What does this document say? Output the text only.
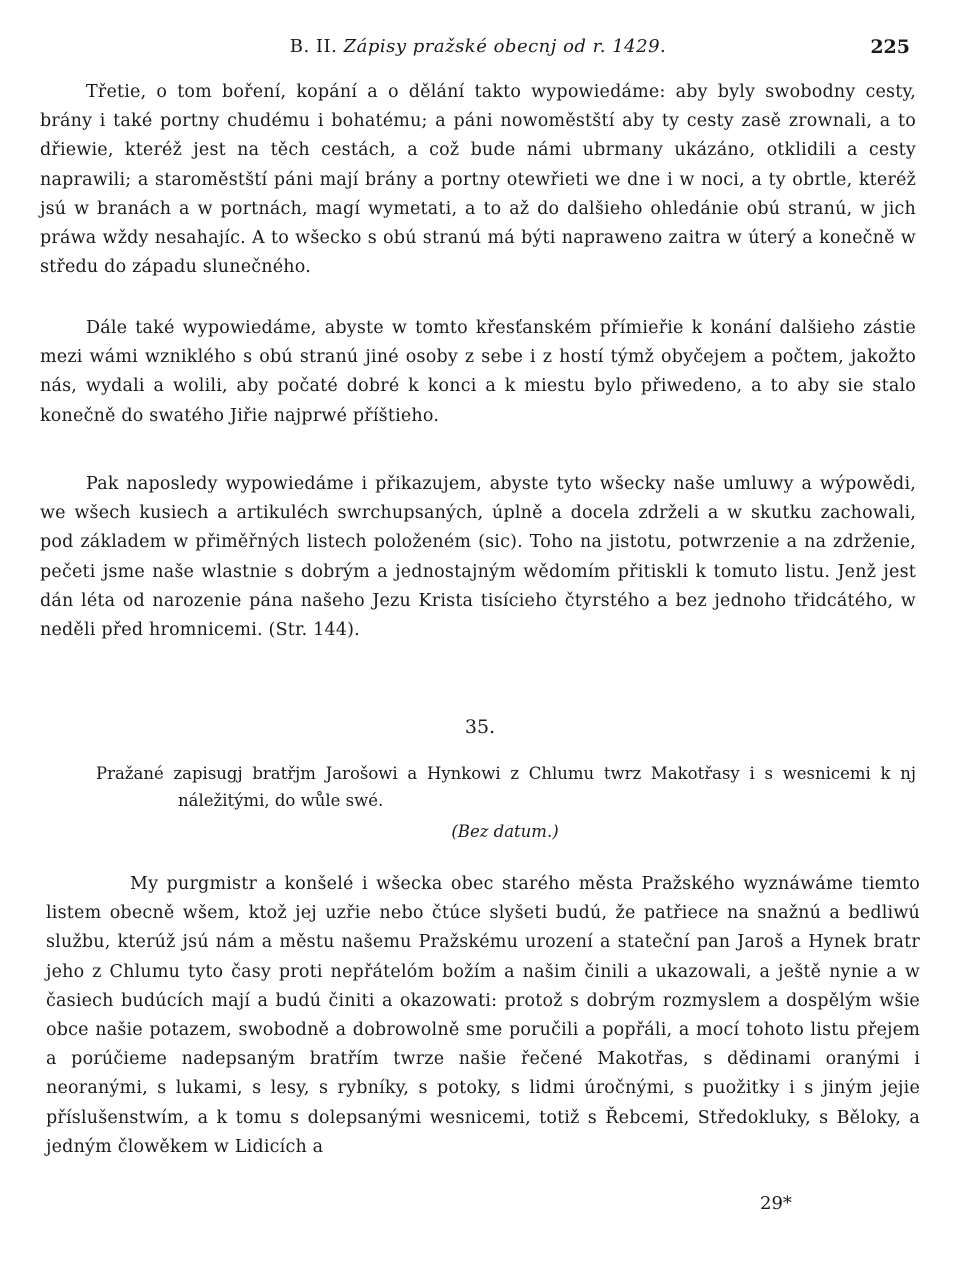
B. II. Zápisy pražské obecnj od r. 1429.	225

Třetie, o tom boření, kopání a o dělání takto wypowiedáme: aby byly swobodny cesty, brány i také portny chudému i bohatému; a páni nowoměstští aby ty cesty zasě zrownali, a to dřiewie, kteréž jest na těch cestách, a což bude námi ubrmany ukázáno, otklidili a cesty naprawili; a staroměstští páni mají brány a portny otewřieti we dne i w noci, a ty obrtle, kteréž jsú w branách a w portnách, magí wymetati, a to až do dalšieho ohledánie obú stranú, w jich práwa wždy nesahajíc. A to wšecko s obú stranú má býti napraweno zaitra w úterý a konečně w středu do západu slunečného.

Dále také wypowiedáme, abyste w tomto křesťanském přímieřie k konání dalšieho zástie mezi wámi wzniklého s obú stranú jiné osoby z sebe i z hostí týmž obyčejem a počtem, jakožto nás, wydali a wolili, aby počaté dobré k konci a k miestu bylo přiwedeno, a to aby sie stalo konečně do swatého Jiřie najprwé příštieho.

Pak naposledy wypowiedáme i přikazujem, abyste tyto wšecky naše umluwy a wýpowědi, we wšech kusiech a artikuléch swrchupsaných, úplně a docela zdrželi a w skutku zachowali, pod základem w přiměřných listech položeném (sic). Toho na jistotu, potwrzenie a na zdrženie, pečeti jsme naše wlastnie s dobrým a jednostajným wědomím přitiskli k tomuto listu. Jenž jest dán léta od narozenie pána našeho Jezu Krista tisícieho čtyrstého a bez jednoho třidcátého, w neděli před hromnicemi. (Str. 144).

35.

Pražané zapisugj bratřjm Jarošowi a Hynkowi z Chlumu twrz Makotřasy i s wesnicemi k nj náležitými, do wůle swé.

(Bez datum.)

My purgmistr a konšelé i wšecka obec starého města Pražského wyznáwáme tiemto listem obecně wšem, ktož jej uzřie nebo čtúce slyšeti budú, že patřiece na snažnú a bedliwú službu, kterúž jsú nám a městu našemu Pražskému urození a stateční pan Jaroš a Hynek bratr jeho z Chlumu tyto časy proti nepřátelóm božím a našim činili a ukazowali, a ještě nynie a w časiech budúcích mají a budú činiti a okazowati: protož s dobrým rozmyslem a dospělým wšie obce našie potazem, swobodně a dobrowolně sme poručili a popřáli, a mocí tohoto listu přejem a porúčieme nadepsaným bratřím twrze našie řečené Makotřas, s dědinami oranými i neoranými, s lukami, s lesy, s rybníky, s potoky, s lidmi úročnými, s puožitky i s jiným jejie příslušenstwím, a k tomu s dolepsanými wesnicemi, totiž s Řebcemi, Středokluky, s Běloky, a jedným člowěkem w Lidicích a

29*
